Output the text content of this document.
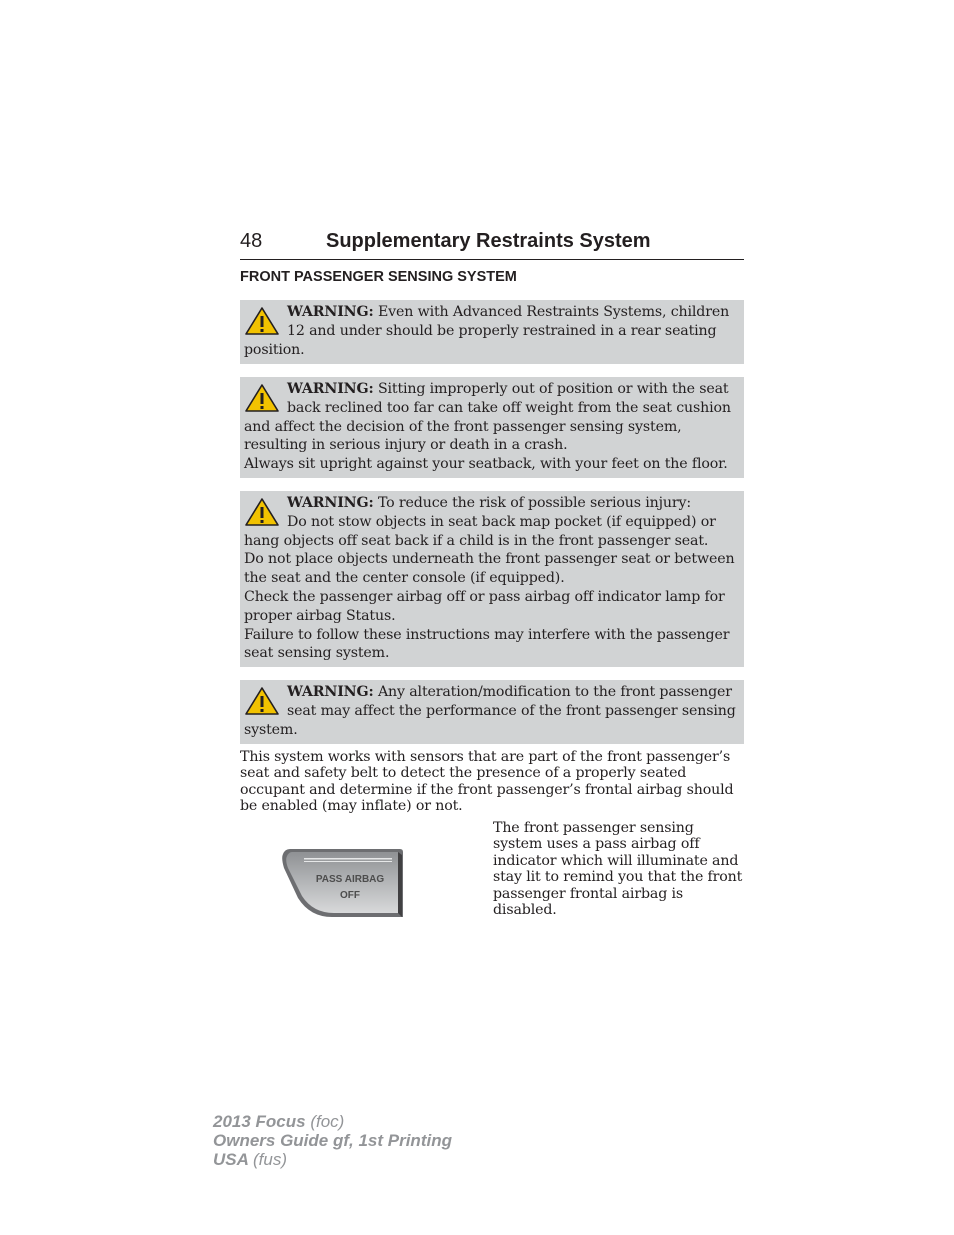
48	Supplementary Restraints System
FRONT PASSENGER SENSING SYSTEM

WARNING: Even with Advanced Restraints Systems, children 12 and under should be properly restrained in a rear seating position.

WARNING: Sitting improperly out of position or with the seat back reclined too far can take off weight from the seat cushion and affect the decision of the front passenger sensing system, resulting in serious injury or death in a crash.

Always sit upright against your seatback, with your feet on the floor.

WARNING: To reduce the risk of possible serious injury:

Do not stow objects in seat back map pocket (if equipped) or hang objects off seat back if a child is in the front passenger seat.

Do not place objects underneath the front passenger seat or between the seat and the center console (if equipped).

Check the passenger airbag off or pass airbag off indicator lamp for proper airbag Status.

Failure to follow these instructions may interfere with the passenger seat sensing system.

WARNING: Any alteration/modification to the front passenger seat may affect the performance of the front passenger sensing system.

This system works with sensors that are part of the front passenger’s seat and safety belt to detect the presence of a properly seated occupant and determine if the front passenger’s frontal airbag should be enabled (may inflate) or not.

PASS AIRBAG
OFF

The front passenger sensing system uses a pass airbag off indicator which will illuminate and stay lit to remind you that the front passenger frontal airbag is disabled.

2013 Focus (foc)
Owners Guide gf, 1st Printing
USA (fus)
